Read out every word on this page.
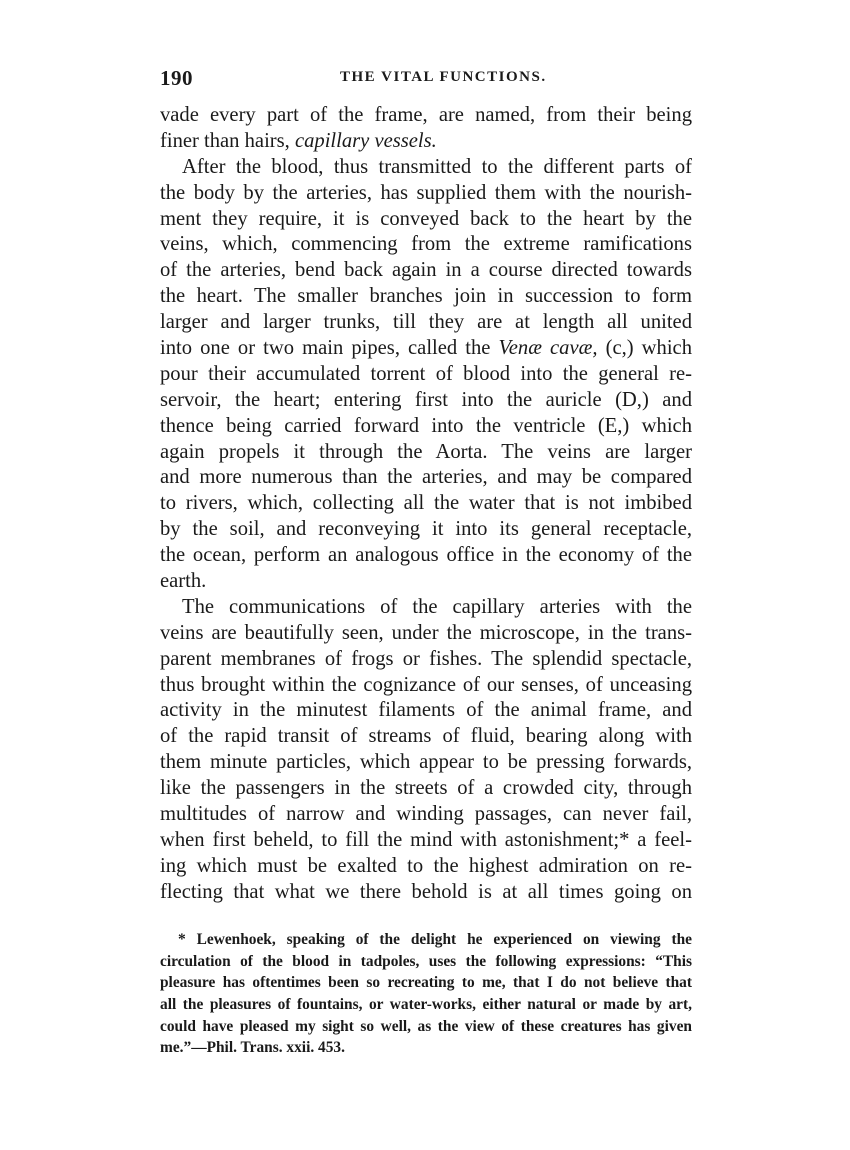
190	THE VITAL FUNCTIONS.
vade every part of the frame, are named, from their being
finer than hairs, capillary vessels.
After the blood, thus transmitted to the different parts of
the body by the arteries, has supplied them with the nourish-
ment they require, it is conveyed back to the heart by the
veins, which, commencing from the extreme ramifications
of the arteries, bend back again in a course directed towards
the heart. The smaller branches join in succession to form
larger and larger trunks, till they are at length all united
into one or two main pipes, called the Venæ cavæ, (c,) which
pour their accumulated torrent of blood into the general re-
servoir, the heart; entering first into the auricle (D,) and
thence being carried forward into the ventricle (E,) which
again propels it through the Aorta. The veins are larger
and more numerous than the arteries, and may be compared
to rivers, which, collecting all the water that is not imbibed
by the soil, and reconveying it into its general receptacle,
the ocean, perform an analogous office in the economy of the
earth.
The communications of the capillary arteries with the
veins are beautifully seen, under the microscope, in the trans-
parent membranes of frogs or fishes. The splendid spectacle,
thus brought within the cognizance of our senses, of unceasing
activity in the minutest filaments of the animal frame, and
of the rapid transit of streams of fluid, bearing along with
them minute particles, which appear to be pressing forwards,
like the passengers in the streets of a crowded city, through
multitudes of narrow and winding passages, can never fail,
when first beheld, to fill the mind with astonishment;* a feel-
ing which must be exalted to the highest admiration on re-
flecting that what we there behold is at all times going on
* Lewenhoek, speaking of the delight he experienced on viewing the
circulation of the blood in tadpoles, uses the following expressions: “This
pleasure has oftentimes been so recreating to me, that I do not believe that
all the pleasures of fountains, or water-works, either natural or made by art,
could have pleased my sight so well, as the view of these creatures has given
me.”—Phil. Trans. xxii. 453.
